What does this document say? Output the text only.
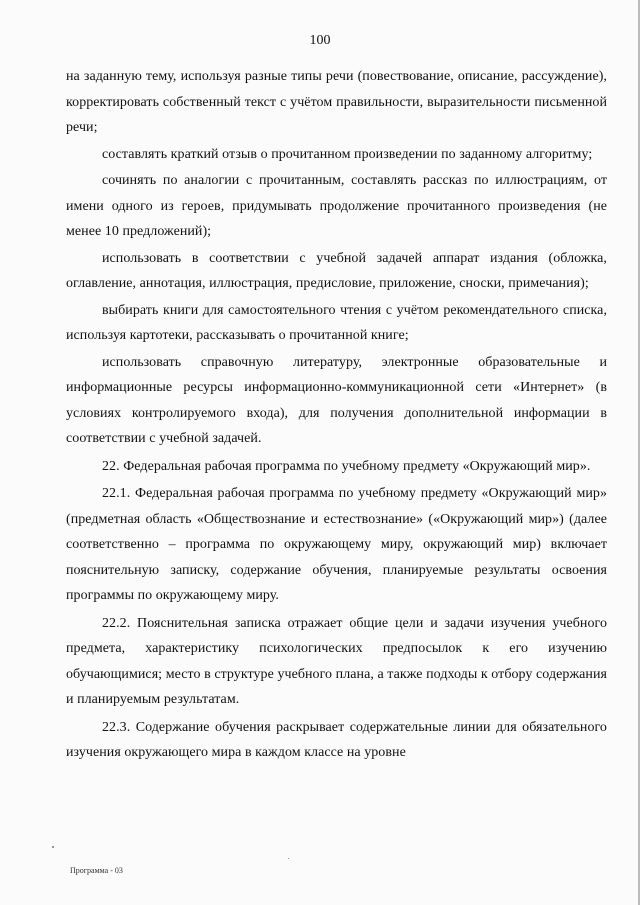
100

на заданную тему, используя разные типы речи (повествование, описание, рассуждение), корректировать собственный текст с учётом правильности, выразительности письменной речи;

составлять краткий отзыв о прочитанном произведении по заданному алгоритму;

сочинять по аналогии с прочитанным, составлять рассказ по иллюстрациям, от имени одного из героев, придумывать продолжение прочитанного произведения (не менее 10 предложений);

использовать в соответствии с учебной задачей аппарат издания (обложка, оглавление, аннотация, иллюстрация, предисловие, приложение, сноски, примечания);

выбирать книги для самостоятельного чтения с учётом рекомендательного списка, используя картотеки, рассказывать о прочитанной книге;

использовать справочную литературу, электронные образовательные и информационные ресурсы информационно-коммуникационной сети «Интернет» (в условиях контролируемого входа), для получения дополнительной информации в соответствии с учебной задачей.

22. Федеральная рабочая программа по учебному предмету «Окружающий мир».

22.1. Федеральная рабочая программа по учебному предмету «Окружающий мир» (предметная область «Обществознание и естествознание» («Окружающий мир») (далее соответственно – программа по окружающему миру, окружающий мир) включает пояснительную записку, содержание обучения, планируемые результаты освоения программы по окружающему миру.

22.2. Пояснительная записка отражает общие цели и задачи изучения учебного предмета, характеристику психологических предпосылок к его изучению обучающимися; место в структуре учебного плана, а также подходы к отбору содержания и планируемым результатам.

22.3. Содержание обучения раскрывает содержательные линии для обязательного изучения окружающего мира в каждом классе на уровне

Программа - 03
